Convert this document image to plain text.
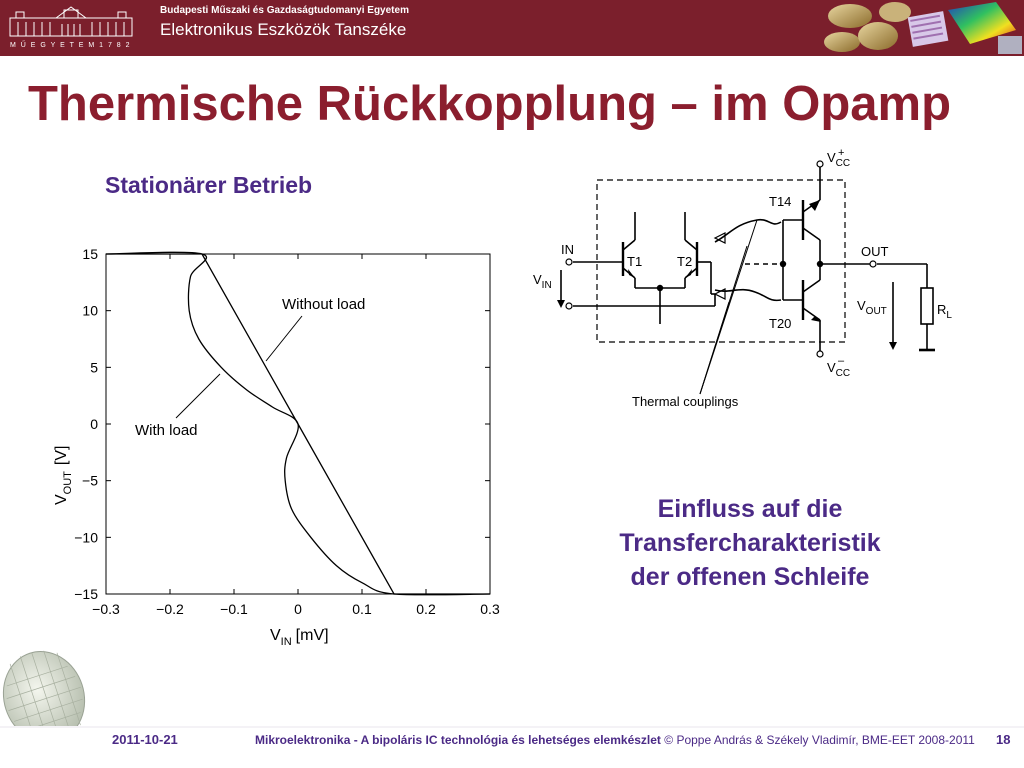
M Ű E G Y E T E M 1 7 8 2
Budapesti Műszaki és Gazdaságtudomanyi Egyetem
Elektronikus Eszközök Tanszéke
Thermische Rückkopplung – im Opamp
Stationärer Betrieb
−0.3	−0.2	−0.1	0	0.1	0.2	0.3
15
10
5
0
−5
−10
−15
Without load
With load
$V_{IN}$ [mV]
$V_{OUT}[V]$
$V_{CC}$
+
$V_{CC}$
–
T14
T20
T1	T2
IN
$V_{IN}$
OUT
$V_{OUT}$	$R_L$
Thermal couplings
Einfluss auf die
Transfercharakteristik
der offenen Schleife
2011-10-21	Mikroelektronika - A bipoláris IC technológia és lehetséges elemkészlet © Poppe András & Székely Vladimír, BME-EET 2008-2011 18
